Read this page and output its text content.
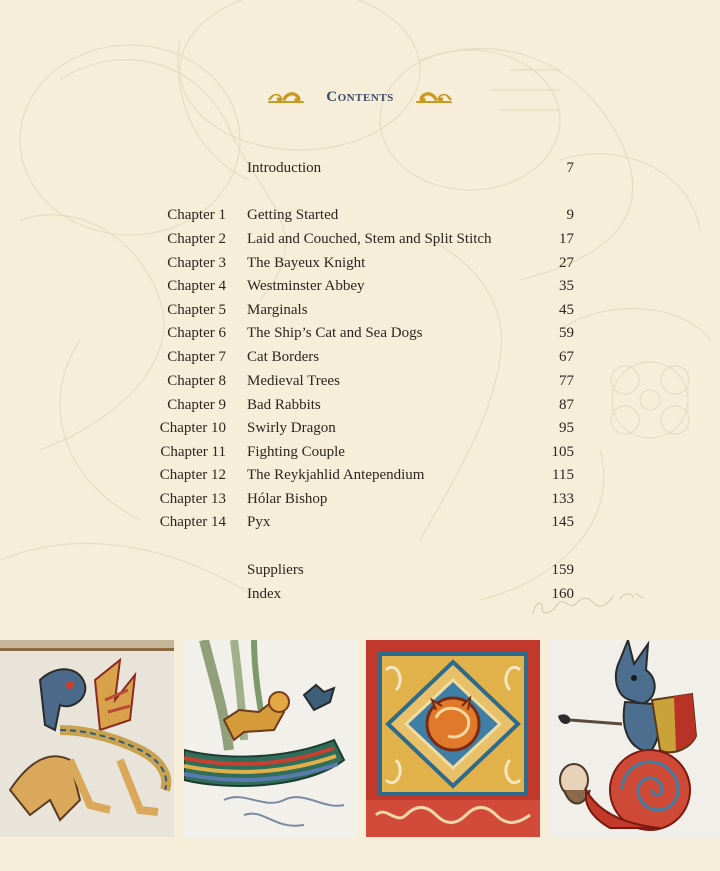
Contents
Introduction	7
Chapter 1 Getting Started	9
Chapter 2 Laid and Couched, Stem and Split Stitch	17
Chapter 3 The Bayeux Knight	27
Chapter 4 Westminster Abbey	35
Chapter 5 Marginals	45
Chapter 6 The Ship’s Cat and Sea Dogs	59
Chapter 7 Cat Borders	67
Chapter 8 Medieval Trees	77
Chapter 9 Bad Rabbits	87
Chapter 10 Swirly Dragon	95
Chapter 11 Fighting Couple	105
Chapter 12 The Reykjahlid Antependium	115
Chapter 13 Hólar Bishop	133
Chapter 14 Pyx	145
Suppliers	159
Index	160
